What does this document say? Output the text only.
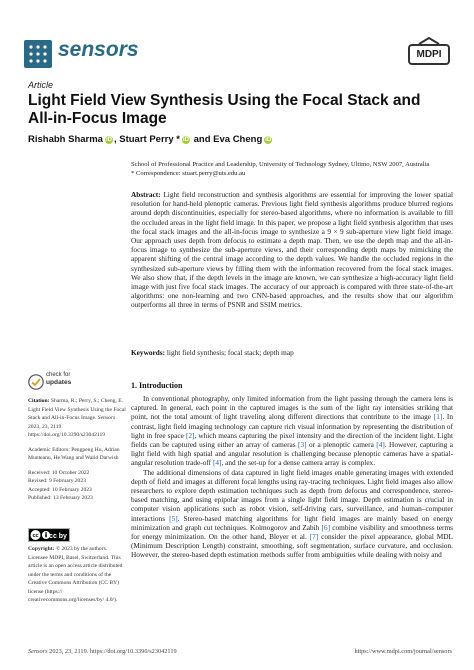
sensors	MDPI
Article
Light Field View Synthesis Using the Focal Stack and All-in-Focus Image
Rishabh Sharma iD , Stuart Perry * iD and Eva Cheng iD
School of Professional Practice and Leadership, University of Technology Sydney, Ultimo, NSW 2007, Australia
* Correspondence: stuart.perry@uts.edu.au
Abstract: Light field reconstruction and synthesis algorithms are essential for improving the lower spatial resolution for hand-held plenoptic cameras. Previous light field synthesis algorithms produce blurred regions around depth discontinuities, especially for stereo-based algorithms, where no information is available to fill the occluded areas in the light field image. In this paper, we propose a light field synthesis algorithm that uses the focal stack images and the all-in-focus image to synthesize a 9 × 9 sub-aperture view light field image. Our approach uses depth from defocus to estimate a depth map. Then, we use the depth map and the all-in-focus image to synthesize the sub-aperture views, and their corresponding depth maps by mimicking the apparent shifting of the central image according to the depth values. We handle the occluded regions in the synthesized sub-aperture views by filling them with the information recovered from the focal stack images. We also show that, if the depth levels in the image are known, we can synthesize a high-accuracy light field image with just five focal stack images. The accuracy of our approach is compared with three state-of-the-art algorithms: one non-learning and two CNN-based approaches, and the results show that our algorithm outperforms all three in terms of PSNR and SSIM metrics.
Keywords: light field synthesis; focal stack; depth map
check for
updates

Citation: Sharma, R.; Perry, S.; Cheng, E. Light Field View Synthesis Using the Focal Stack and All-in-Focus Image. Sensors 2023, 23, 2119. https://doi.org/10.3390/s23042119

Academic Editors: Pengpeng Hu, Adrian Munteanu, He Wang and Walid Darwish

Received: 10 October 2022
Revised: 9 February 2023
Accepted: 10 February 2023
Published: 13 February 2023

cc cc by
Copyright: © 2023 by the authors. Licensee MDPI, Basel, Switzerland. This article is an open access article distributed under the terms and conditions of the Creative Commons Attribution (CC BY) license (https:// creativecommons.org/licenses/by/ 4.0/).
1. Introduction

In conventional photography, only limited information from the light passing through the camera lens is captured. In general, each point in the captured images is the sum of the light ray intensities striking that point, not the total amount of light traveling along different directions that contribute to the image [1]. In contrast, light field imaging technology can capture rich visual information by representing the distribution of light in free space [2], which means capturing the pixel intensity and the direction of the incident light. Light fields can be captured using either an array of cameras [3] or a plenoptic camera [4]. However, capturing a light field with high spatial and angular resolution is challenging because plenoptic cameras have a spatial-angular resolution trade-off [4], and the set-up for a dense camera array is complex.

The additional dimensions of data captured in light field images enable generating images with extended depth of field and images at different focal lengths using ray-tracing techniques. Light field images also allow researchers to explore depth estimation techniques such as depth from defocus and correspondence, stereo-based matching, and using epipolar images from a single light field image. Depth estimation is crucial in computer vision applications such as robot vision, self-driving cars, surveillance, and human–computer interactions [5]. Stereo-based matching algorithms for light field images are mainly based on energy minimization and graph cut techniques. Kolmogorov and Zabih [6] combine visibility and smoothness terms for energy minimization. On the other hand, Bleyer et al. [7] consider the pixel appearance, global MDL (Minimum Description Length) constraint, smoothing, soft segmentation, surface curvature, and occlusion. However, the stereo-based depth estimation methods suffer from ambiguities while dealing with noisy and

Sensors 2023, 23, 2119. https://doi.org/10.3390/s23042119	https://www.mdpi.com/journal/sensors
